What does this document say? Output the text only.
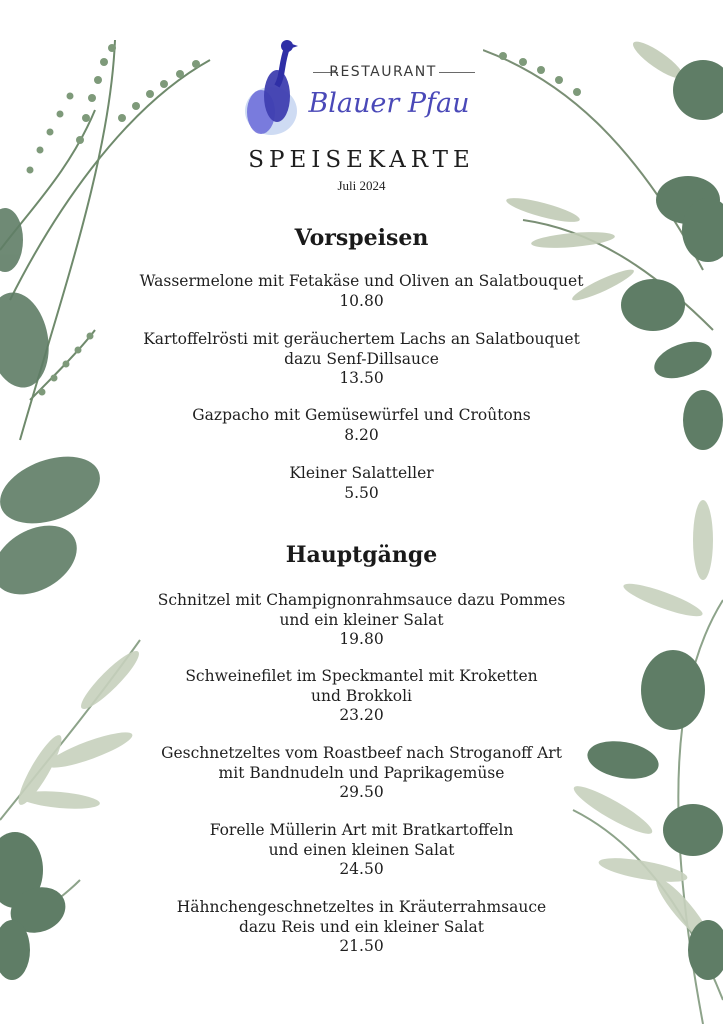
RESTAURANT
Blauer Pfau
SPEISEKARTE
Juli 2024
Vorspeisen
Wassermelone mit Fetakäse und Oliven an Salatbouquet
10.80
Kartoffelrösti mit geräuchertem Lachs an Salatbouquet
dazu Senf-Dillsauce
13.50
Gazpacho mit Gemüsewürfel und Croûtons
8.20
Kleiner Salatteller
5.50
Hauptgänge
Schnitzel mit Champignonrahmsauce dazu Pommes
und ein kleiner Salat
19.80
Schweinefilet im Speckmantel mit Kroketten
und Brokkoli
23.20
Geschnetzeltes vom Roastbeef nach Stroganoff Art
mit Bandnudeln und Paprikagemüse
29.50
Forelle Müllerin Art mit Bratkartoffeln
und einen kleinen Salat
24.50
Hähnchengeschnetzeltes in Kräuterrahmsauce
dazu Reis und ein kleiner Salat
21.50
